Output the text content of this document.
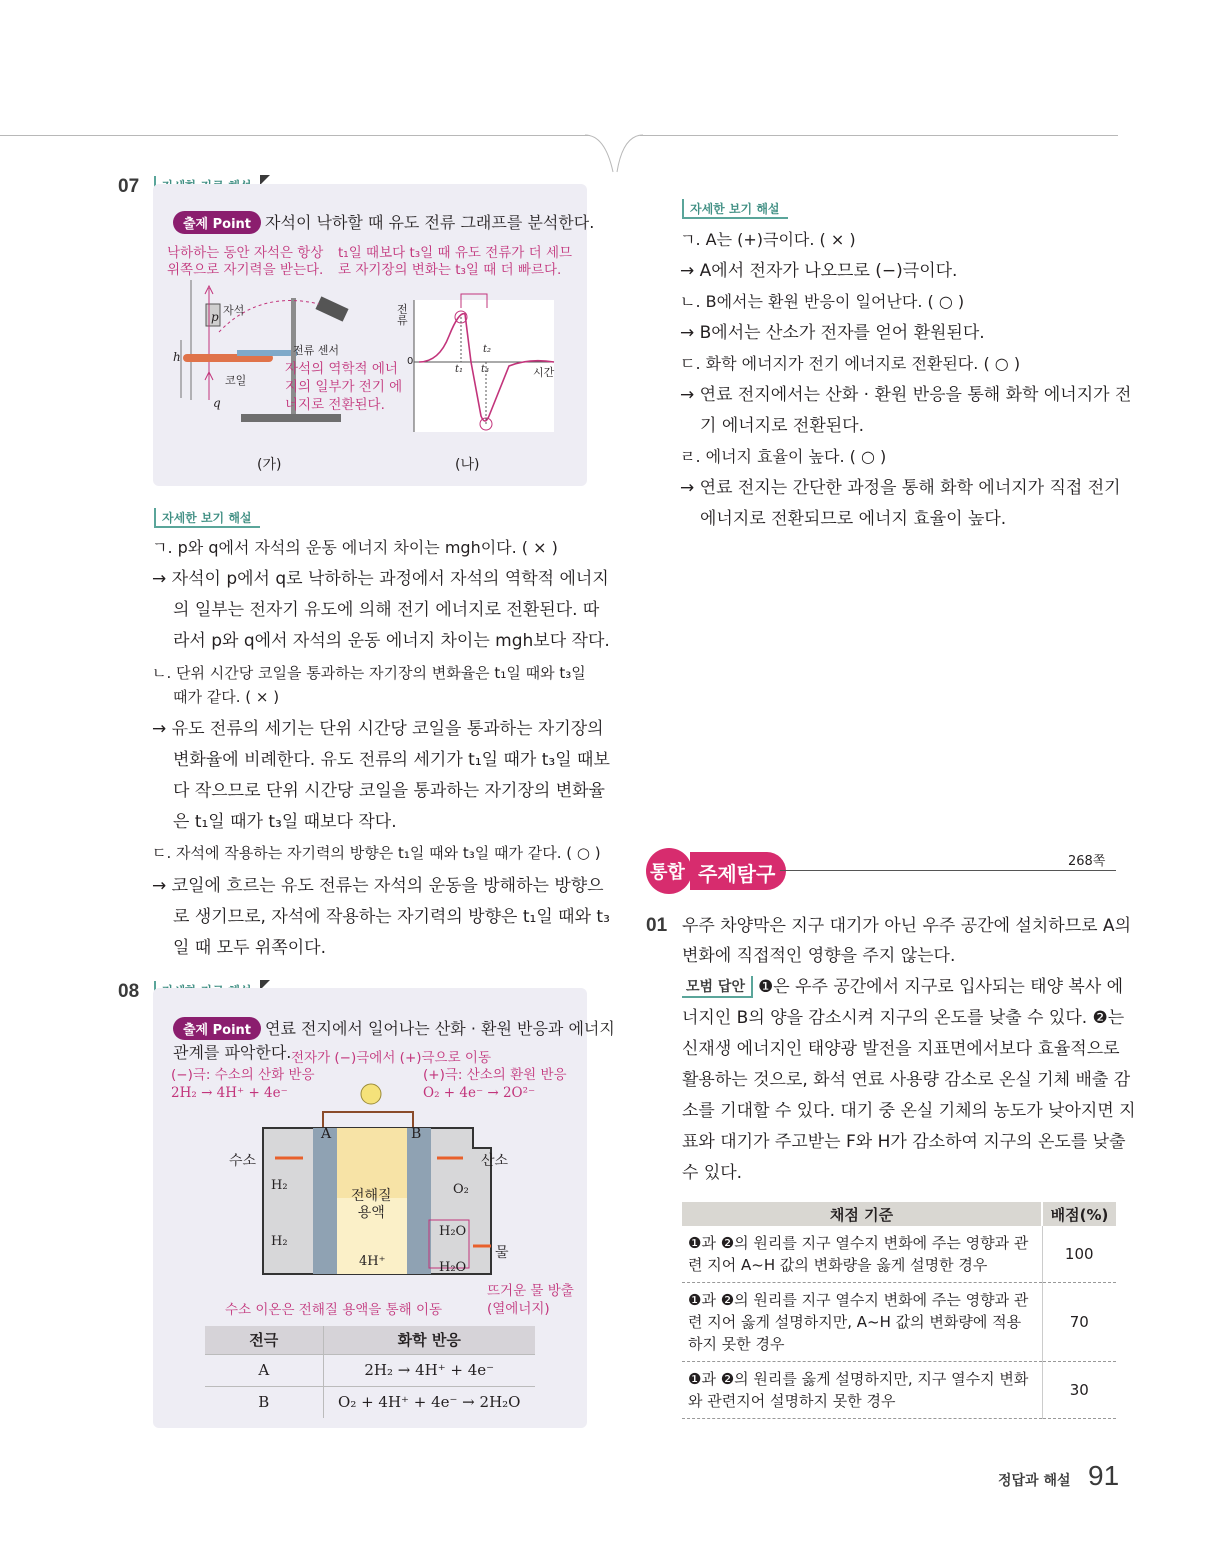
07
출제 Point 자석이 낙하할 때 유도 전류 그래프를 분석한다.
낙하하는 동안 자석은 항상
위쪽으로 자기력을 받는다.
t₁일 때보다 t₃일 때 유도 전류가 더 세므
로 자기장의 변화는 t₃일 때 더 빠르다.
자석
p
h
코일
q
전류 센서
자석의 역학적 에너
지의 일부가 전기 에
너지로 전환된다.
전류
0
시간
t₁
t₂
t₃
(가)	(나)
자세한 보기 해설
ㄱ. p와 q에서 자석의 운동 에너지 차이는 mgh이다. ( × )
→ 자석이 p에서 q로 낙하하는 과정에서 자석의 역학적 에너지
의 일부는 전자기 유도에 의해 전기 에너지로 전환된다. 따
라서 p와 q에서 자석의 운동 에너지 차이는 mgh보다 작다.
ㄴ. 단위 시간당 코일을 통과하는 자기장의 변화율은 t₁일 때와 t₃일
때가 같다. ( × )
→ 유도 전류의 세기는 단위 시간당 코일을 통과하는 자기장의
변화율에 비례한다. 유도 전류의 세기가 t₁일 때가 t₃일 때보
다 작으므로 단위 시간당 코일을 통과하는 자기장의 변화율
은 t₁일 때가 t₃일 때보다 작다.
ㄷ. 자석에 작용하는 자기력의 방향은 t₁일 때와 t₃일 때가 같다. ( ○ )
→ 코일에 흐르는 유도 전류는 자석의 운동을 방해하는 방향으
로 생기므로, 자석에 작용하는 자기력의 방향은 t₁일 때와 t₃
일 때 모두 위쪽이다.
08
출제 Point 연료 전지에서 일어나는 산화 · 환원 반응과 에너지
관계를 파악한다. 전자가 (−)극에서 (+)극으로 이동
(−)극: 수소의 산화 반응
2H₂ → 4H⁺ + 4e⁻
(+)극: 산소의 환원 반응
O₂ + 4e⁻ → 2O²⁻
A	B
수소	산소
H₂
H₂
O₂
전해질
용액
4H⁺
H₂O
H₂O
물
수소 이온은 전해질 용액을 통해 이동
뜨거운 물 방출
(열에너지)
전극	화학 반응
A	2H₂ → 4H⁺ + 4e⁻
B	O₂ + 4H⁺ + 4e⁻ → 2H₂O
자세한 보기 해설
ㄱ. A는 (+)극이다. ( × )
→ A에서 전자가 나오므로 (−)극이다.
ㄴ. B에서는 환원 반응이 일어난다. ( ○ )
→ B에서는 산소가 전자를 얻어 환원된다.
ㄷ. 화학 에너지가 전기 에너지로 전환된다. ( ○ )
→ 연료 전지에서는 산화 · 환원 반응을 통해 화학 에너지가 전
기 에너지로 전환된다.
ㄹ. 에너지 효율이 높다. ( ○ )
→ 연료 전지는 간단한 과정을 통해 화학 에너지가 직접 전기
에너지로 전환되므로 에너지 효율이 높다.
통합 주제탐구
268쪽
01 우주 차양막은 지구 대기가 아닌 우주 공간에 설치하므로 A의
변화에 직접적인 영향을 주지 않는다.
모범 답안 ❶은 우주 공간에서 지구로 입사되는 태양 복사 에
너지인 B의 양을 감소시켜 지구의 온도를 낮출 수 있다. ❷는
신재생 에너지인 태양광 발전을 지표면에서보다 효율적으로
활용하는 것으로, 화석 연료 사용량 감소로 온실 기체 배출 감
소를 기대할 수 있다. 대기 중 온실 기체의 농도가 낮아지면 지
표와 대기가 주고받는 F와 H가 감소하여 지구의 온도를 낮출
수 있다.
채점 기준	배점(%)
❶과 ❷의 원리를 지구 열수지 변화에 주는 영향과 관련 지어 A~H 값의 변화량을 옳게 설명한 경우	100
❶과 ❷의 원리를 지구 열수지 변화에 주는 영향과 관련 지어 옳게 설명하지만, A~H 값의 변화량에 적용하지 못한 경우	70
❶과 ❷의 원리를 옳게 설명하지만, 지구 열수지 변화와 관련지어 설명하지 못한 경우	30
정답과 해설 91
